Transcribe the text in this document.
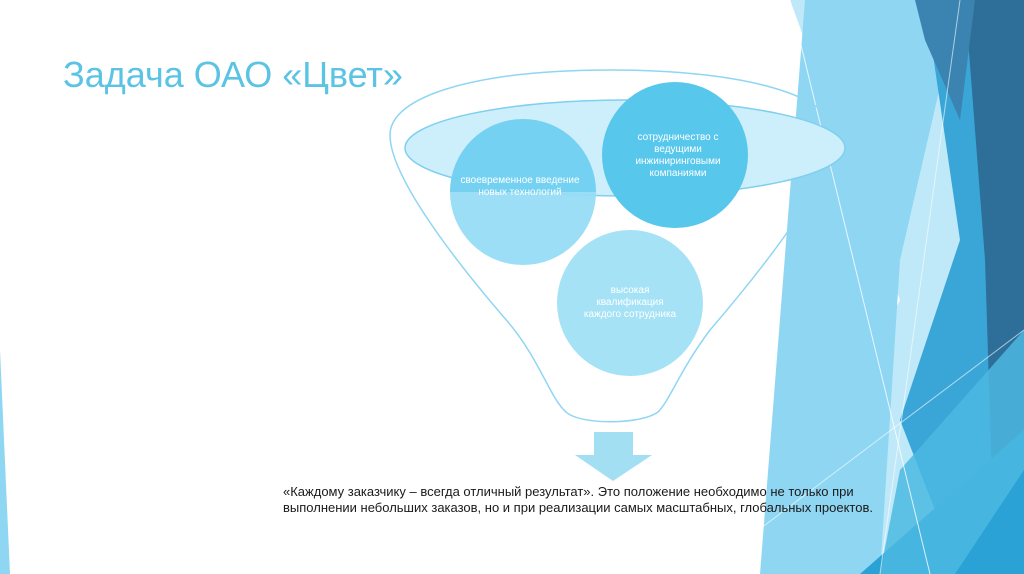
Задача ОАО «Цвет»
своевременное введение новых технологий
сотрудничество с ведущими инжиниринговыми компаниями
высокая квалификация каждого сотрудника

«Каждому заказчику – всегда отличный результат». Это положение необходимо не только при выполнении небольших заказов, но и при реализации самых масштабных, глобальных проектов.
